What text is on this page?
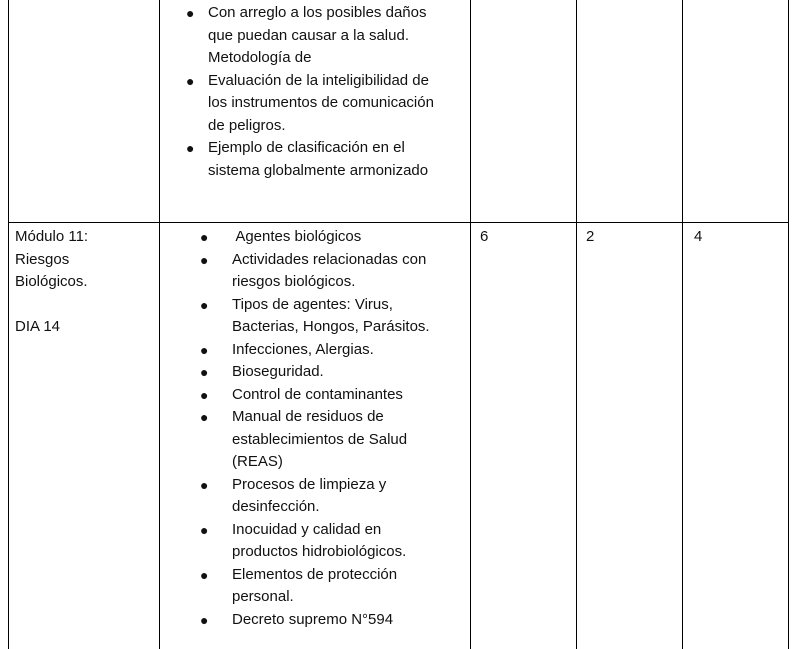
● Con arreglo a los posibles daños
que puedan causar a la salud.
Metodología de
● Evaluación de la inteligibilidad de
los instrumentos de comunicación
de peligros.
● Ejemplo de clasificación en el
sistema globalmente armonizado
Módulo 11:
Riesgos
Biológicos.
DIA 14
● Agentes biológicos
● Actividades relacionadas con
riesgos biológicos.
● Tipos de agentes: Virus,
Bacterias, Hongos, Parásitos.
● Infecciones, Alergias.
● Bioseguridad.
● Control de contaminantes
● Manual de residuos de
establecimientos de Salud
(REAS)
● Procesos de limpieza y
desinfección.
● Inocuidad y calidad en
productos hidrobiológicos.
● Elementos de protección
personal.
● Decreto supremo N°594
6	2	4
